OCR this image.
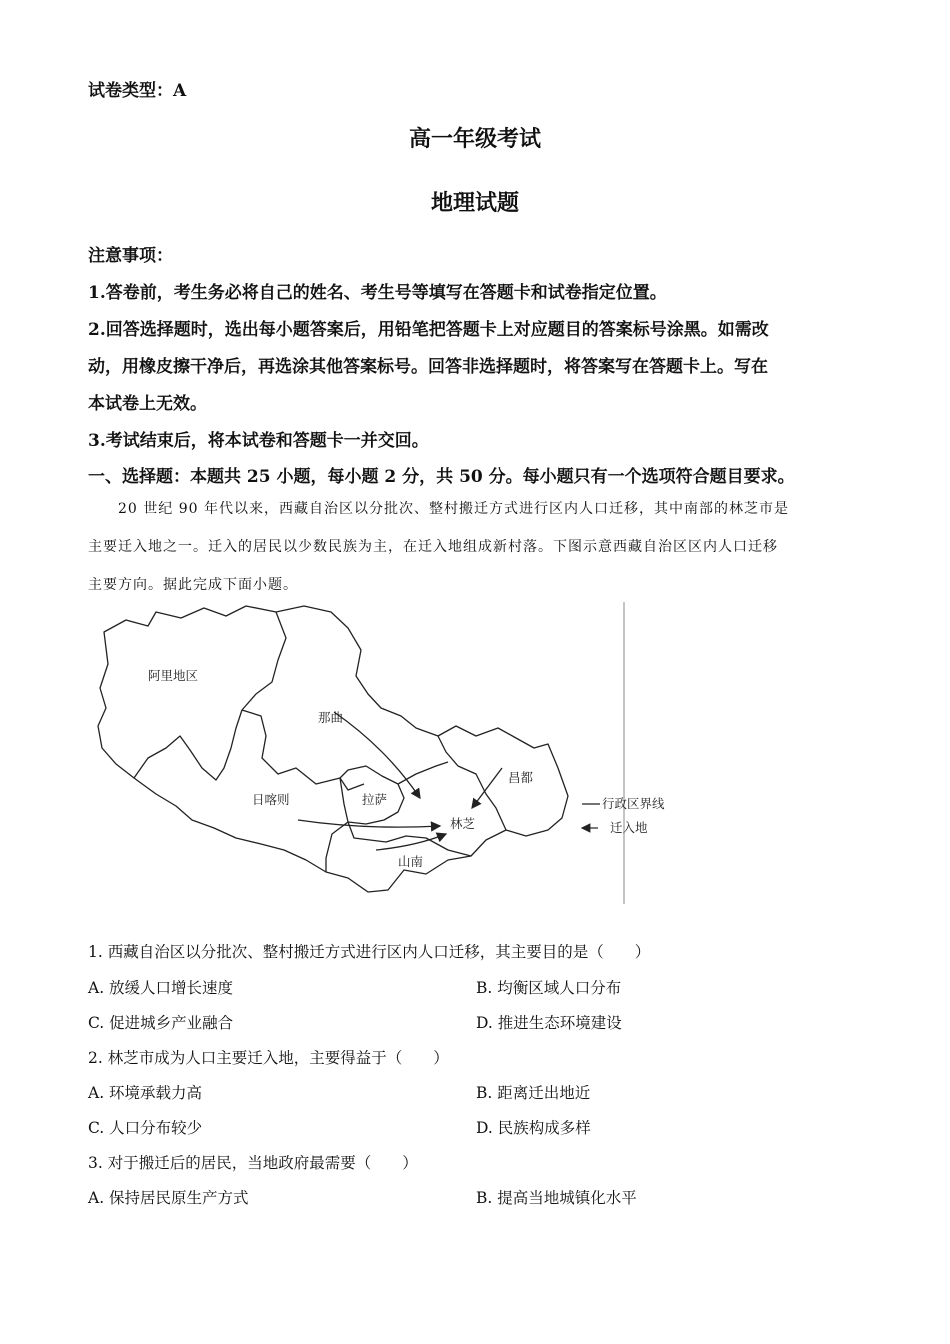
试卷类型：A
高一年级考试
地理试题
注意事项：
1.答卷前，考生务必将自己的姓名、考生号等填写在答题卡和试卷指定位置。
2.回答选择题时，选出每小题答案后，用铅笔把答题卡上对应题目的答案标号涂黑。如需改
动，用橡皮擦干净后，再选涂其他答案标号。回答非选择题时，将答案写在答题卡上。写在
本试卷上无效。
3.考试结束后，将本试卷和答题卡一并交回。
一、选择题：本题共 25 小题，每小题 2 分，共 50 分。每小题只有一个选项符合题目要求。
20 世纪 90 年代以来，西藏自治区以分批次、整村搬迁方式进行区内人口迁移，其中南部的林芝市是
主要迁入地之一。迁入的居民以少数民族为主，在迁入地组成新村落。下图示意西藏自治区区内人口迁移
主要方向。据此完成下面小题。
阿里地区
那曲
昌都
日喀则	拉萨
林芝
山南
行政区界线
迁入地
1. 西藏自治区以分批次、整村搬迁方式进行区内人口迁移，其主要目的是（　　）
A. 放缓人口增长速度	B. 均衡区域人口分布
C. 促进城乡产业融合	D. 推进生态环境建设
2. 林芝市成为人口主要迁入地，主要得益于（　　）
A. 环境承载力高	B. 距离迁出地近
C. 人口分布较少	D. 民族构成多样
3. 对于搬迁后的居民，当地政府最需要（　　）
A. 保持居民原生产方式	B. 提高当地城镇化水平
